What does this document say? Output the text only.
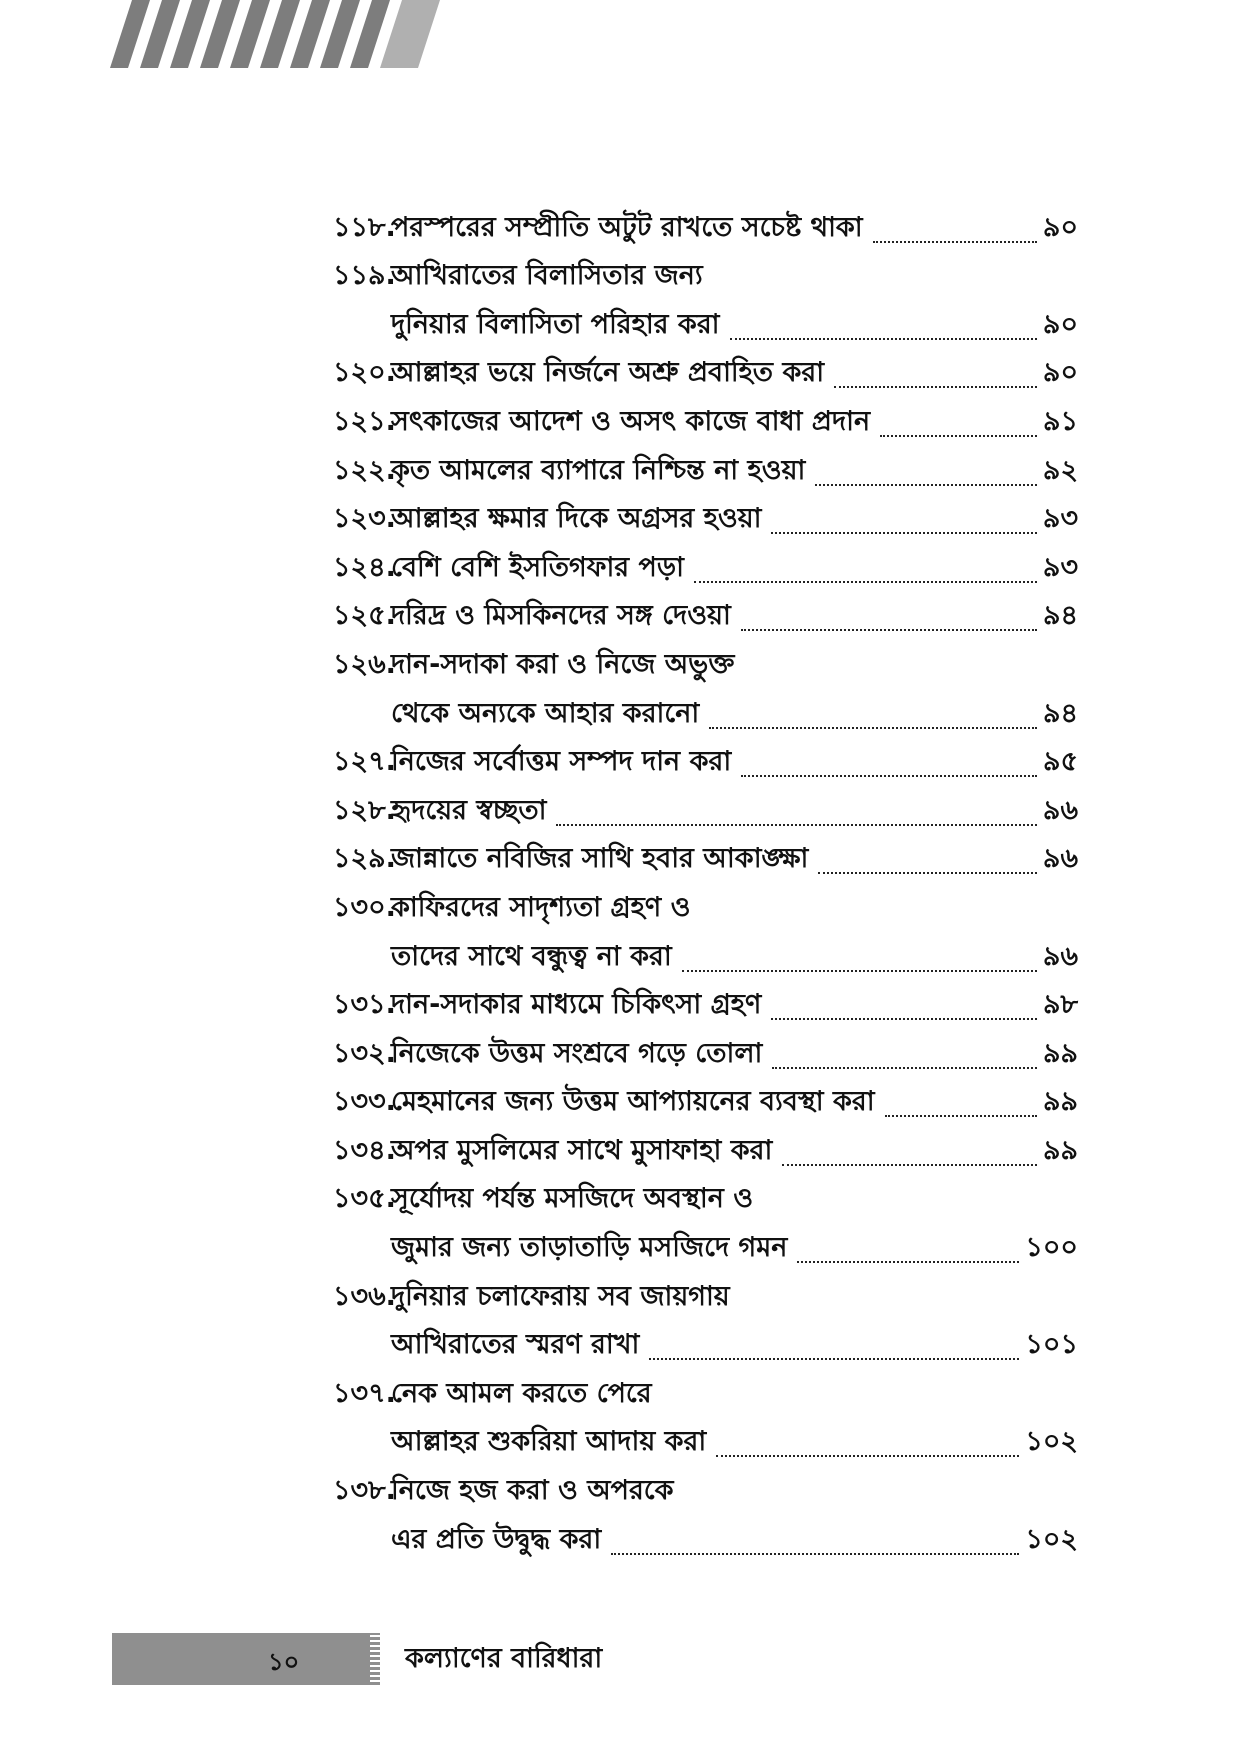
১১৮.
পরস্পরের সম্প্রীতি অটুট রাখতে সচেষ্ট থাকা	৯০
১১৯.
আখিরাতের বিলাসিতার জন্য
দুনিয়ার বিলাসিতা পরিহার করা	৯০
১২০.
আল্লাহর ভয়ে নির্জনে অশ্রু প্রবাহিত করা	৯০
১২১.
সৎকাজের আদেশ ও অসৎ কাজে বাধা প্রদান	৯১
১২২.
কৃত আমলের ব্যাপারে নিশ্চিন্ত না হওয়া	৯২
১২৩.
আল্লাহর ক্ষমার দিকে অগ্রসর হওয়া	৯৩
১২৪.
বেশি বেশি ইসতিগফার পড়া	৯৩
১২৫.
দরিদ্র ও মিসকিনদের সঙ্গ দেওয়া	৯৪
১২৬.
দান-সদাকা করা ও নিজে অভুক্ত
থেকে অন্যকে আহার করানো	৯৪
১২৭.
নিজের সর্বোত্তম সম্পদ দান করা	৯৫
১২৮.
হৃদয়ের স্বচ্ছতা	৯৬
১২৯.
জান্নাতে নবিজির সাথি হবার আকাঙ্ক্ষা	৯৬
১৩০.
কাফিরদের সাদৃশ্যতা গ্রহণ ও
তাদের সাথে বন্ধুত্ব না করা	৯৬
১৩১.
দান-সদাকার মাধ্যমে চিকিৎসা গ্রহণ	৯৮
১৩২.
নিজেকে উত্তম সংশ্রবে গড়ে তোলা	৯৯
১৩৩.
মেহমানের জন্য উত্তম আপ্যায়নের ব্যবস্থা করা	৯৯
১৩৪.
অপর মুসলিমের সাথে মুসাফাহা করা	৯৯
১৩৫.
সূর্যোদয় পর্যন্ত মসজিদে অবস্থান ও
জুমার জন্য তাড়াতাড়ি মসজিদে গমন	১০০
১৩৬.
দুনিয়ার চলাফেরায় সব জায়গায়
আখিরাতের স্মরণ রাখা	১০১
১৩৭.
নেক আমল করতে পেরে
আল্লাহর শুকরিয়া আদায় করা	১০২
১৩৮.
নিজে হজ করা ও অপরকে
এর প্রতি উদ্বুদ্ধ করা	১০২
১০	কল্যাণের বারিধারা
